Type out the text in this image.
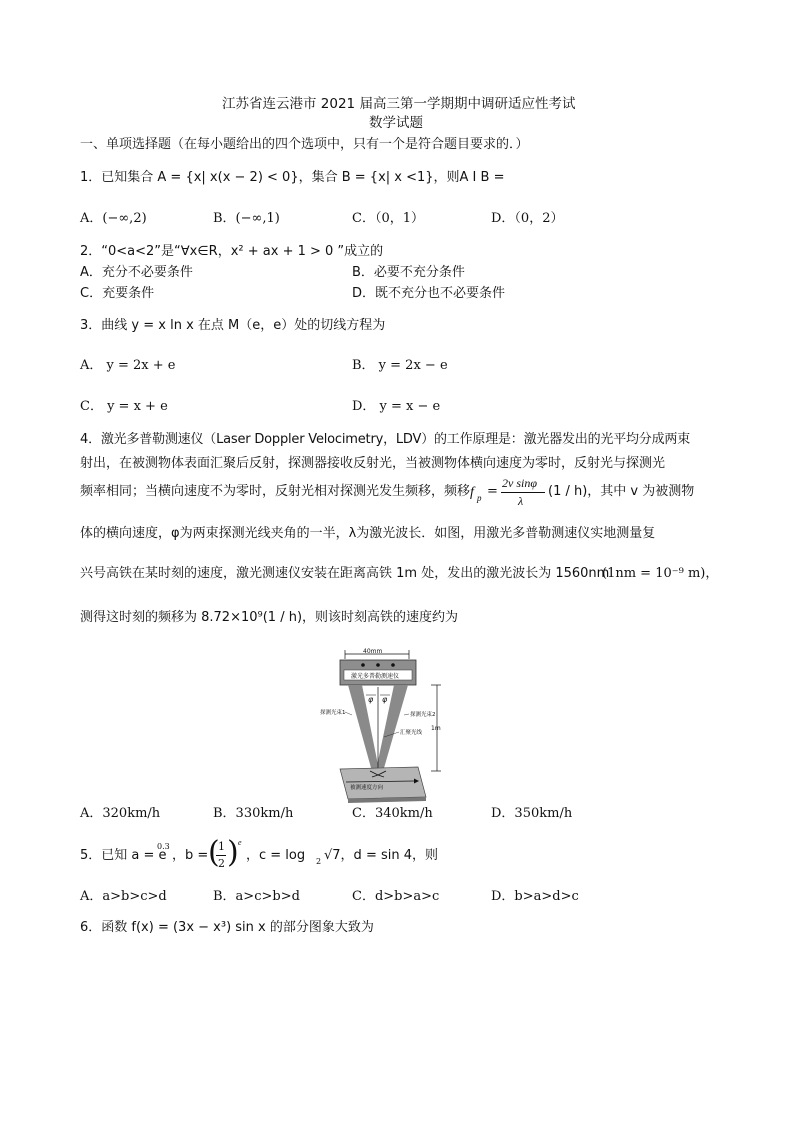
江苏省连云港市 2021 届高三第一学期期中调研适应性考试
数学试题
一、单项选择题（在每小题给出的四个选项中，只有一个是符合题目要求的．）
1．已知集合 A = {x| x(x − 2) < 0}，集合 B = {x| x <1}，则A I B =
A．(−∞,2)	B．(−∞,1)	C．（0，1）	D．（0，2）
2．“0<a<2”是“∀x∈R，x² + ax + 1 > 0 ”成立的
A．充分不必要条件	B．必要不充分条件
C．充要条件	D．既不充分也不必要条件
3．曲线 y = x ln x 在点 M（e，e）处的切线方程为
A． y = 2x + e	B． y = 2x − e
C． y = x + e	D． y = x − e
4．激光多普勒测速仪（Laser Doppler Velocimetry，LDV）的工作原理是：激光器发出的光平均分成两束
射出，在被测物体表面汇聚后反射，探测器接收反射光，当被测物体横向速度为零时，反射光与探测光
频率相同；当横向速度不为零时，反射光相对探测光发生频移，频移 f p =
2v sinφ
λ
(1 / h)，其中 v 为被测物
体的横向速度，φ为两束探测光线夹角的一半，λ为激光波长．如图，用激光多普勒测速仪实地测量复
兴号高铁在某时刻的速度，激光测速仪安装在距离高铁 1m 处，发出的激光波长为 1560nm
(1nm = 10⁻⁹ m)，
测得这时刻的频移为 8.72×10⁹(1 / h)，则该时刻高铁的速度约为
40mm
激光多普勒测速仪
φ φ
探测光束1	探测光束2
汇聚光线
1m
被测速度方向
A．320km/h	B．330km/h	C．340km/h	D．350km/h
5．已知 a = e
0.3
，b = (
1
2 ) e
，c = log 2 √7，d = sin 4，则
A．a>b>c>d	B．a>c>b>d	C．d>b>a>c	D．b>a>d>c
6．函数 f(x) = (3x − x³) sin x 的部分图象大致为
